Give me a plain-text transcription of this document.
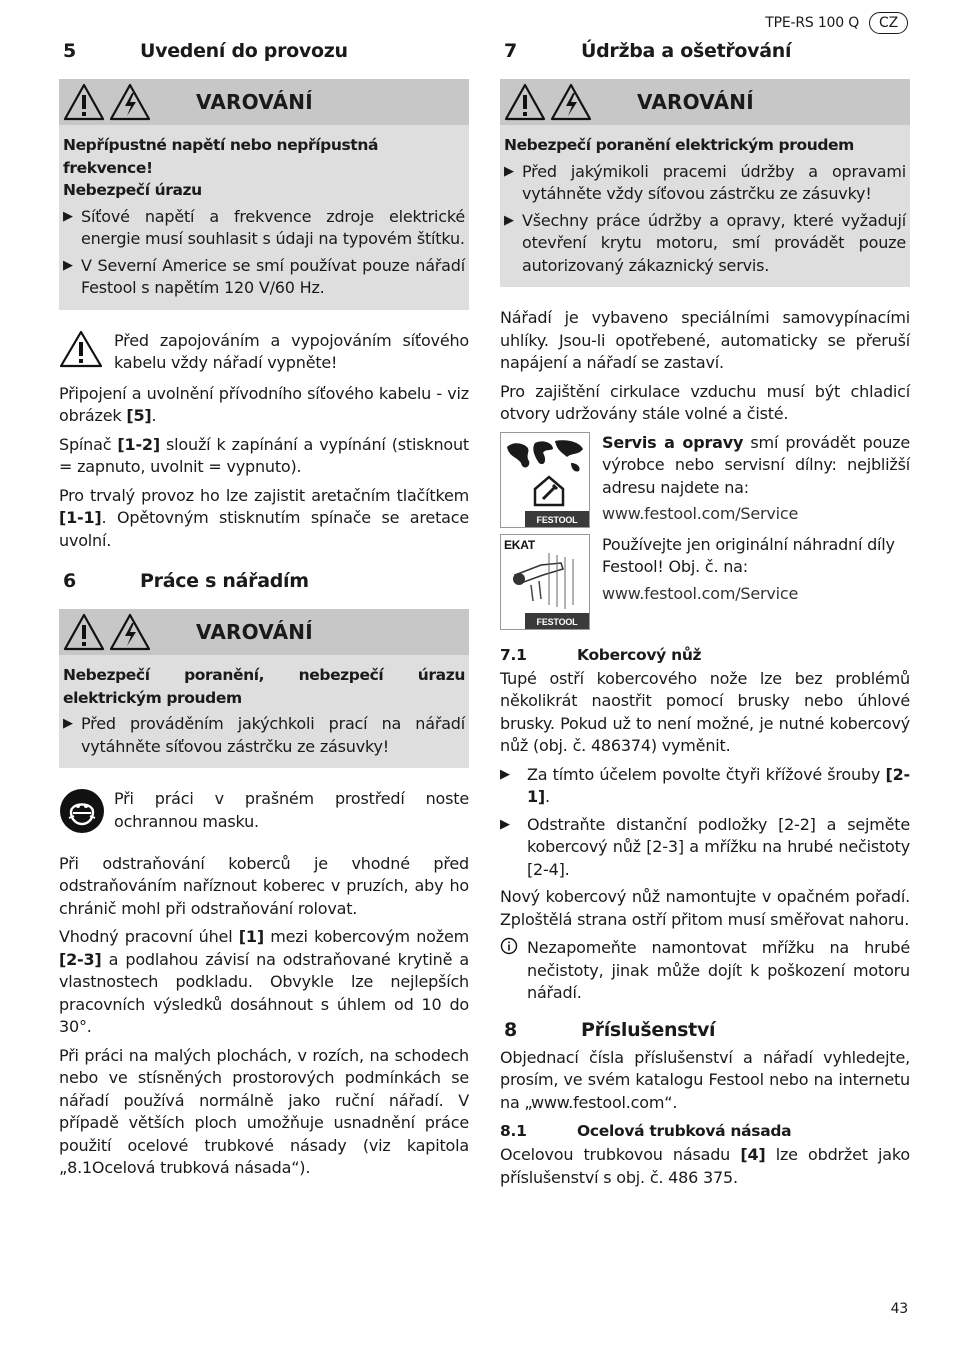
TPE-RS 100 Q	CZ
5	Uvedení do provozu
VAROVÁNÍ
Nepřípustné napětí nebo nepřípustná frekvence!
Nebezpečí úrazu
▶ Síťové napětí a frekvence zdroje elektrické energie musí souhlasit s údaji na typovém štítku.
▶ V Severní Americe se smí používat pouze nářadí Festool s napětím 120 V/60 Hz.
Před zapojováním a vypojováním síťového kabelu vždy nářadí vypněte!

Připojení a uvolnění přívodního síťového kabelu - viz obrázek [5].

Spínač [1-2] slouží k zapínání a vypínání (stisknout = zapnuto, uvolnit = vypnuto).

Pro trvalý provoz ho lze zajistit aretačním tlačítkem [1-1]. Opětovným stisknutím spínače se aretace uvolní.

6	Práce s nářadím
VAROVÁNÍ
Nebezpečí poranění, nebezpečí úrazu elektrickým proudem
▶ Před prováděním jakýchkoli prací na nářadí vytáhněte síťovou zástrčku ze zásuvky!
Při práci v prašném prostředí noste ochrannou masku.

Při odstraňování koberců je vhodné před odstraňováním naříznout koberec v pruzích, aby ho chránič mohl při odstraňování rolovat.

Vhodný pracovní úhel [1] mezi kobercovým nožem [2-3] a podlahou závisí na odstraňované krytině a vlastnostech podkladu. Obvykle lze nejlepších pracovních výsledků dosáhnout s úhlem od 10 do 30°.

Při práci na malých plochách, v rozích, na schodech nebo ve stísněných prostorových podmínkách se nářadí používá normálně jako ruční nářadí. V případě větších ploch umožňuje usnadnění práce použití ocelové trubkové násady (viz kapitola „8.1Ocelová trubková násada“).

7	Údržba a ošetřování
VAROVÁNÍ
Nebezpečí poranění elektrickým proudem
▶ Před jakýmikoli pracemi údržby a opravami vytáhněte vždy síťovou zástrčku ze zásuvky!
▶ Všechny práce údržby a opravy, které vyžadují otevření krytu motoru, smí provádět pouze autorizovaný zákaznický servis.

Nářadí je vybaveno speciálními samovypínacími uhlíky. Jsou-li opotřebené, automaticky se přeruší napájení a nářadí se zastaví.

Pro zajištění cirkulace vzduchu musí být chladicí otvory udržovány stále volné a čisté.

FESTOOL
Servis a opravy smí provádět pouze výrobce nebo servisní dílny: nejbližší adresu najdete na:
www.festool.com/Service
EKAT
FESTOOL
Používejte jen originální náhradní díly Festool! Obj. č. na:
www.festool.com/Service
7.1	Kobercový nůž

Tupé ostří kobercového nože lze bez problémů několikrát naostřit pomocí brusky nebo úhlové brusky. Pokud už to není možné, je nutné kobercový nůž (obj. č. 486374) vyměnit.

▶	Za tímto účelem povolte čtyři křížové šrouby [2-1].
▶	Odstraňte distanční podložky [2-2] a sejměte kobercový nůž [2-3] a mřížku na hrubé nečistoty [2-4].

Nový kobercový nůž namontujte v opačném pořadí. Zploštělá strana ostří přitom musí směřovat nahoru.

Nezapomeňte namontovat mřížku na hrubé nečistoty, jinak může dojít k poškození motoru nářadí.
8	Příslušenství

Objednací čísla příslušenství a nářadí vyhledejte, prosím, ve svém katalogu Festool nebo na internetu na „www.festool.com“.

8.1	Ocelová trubková násada

Ocelovou trubkovou násadu [4] lze obdržet jako příslušenství s obj. č. 486 375.

43
